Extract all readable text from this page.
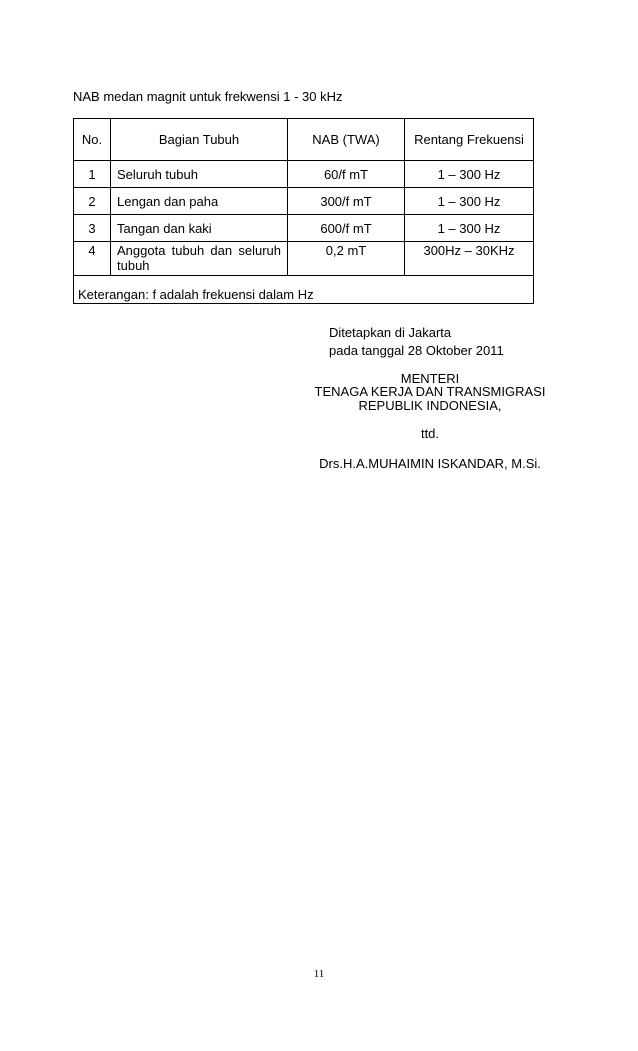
NAB medan magnit untuk frekwensi 1 - 30 kHz
No.	Bagian Tubuh	NAB (TWA)	Rentang Frekuensi
1	Seluruh tubuh	60/f mT	1 – 300 Hz
2	Lengan dan paha	300/f mT	1 – 300 Hz
3	Tangan dan kaki	600/f mT	1 – 300 Hz
4	Anggota tubuh dan seluruh tubuh	0,2 mT	300Hz – 30KHz
Keterangan: f adalah frekuensi dalam Hz			
Ditetapkan di Jakarta
pada tanggal 28 Oktober 2011
MENTERI
TENAGA KERJA DAN TRANSMIGRASI
REPUBLIK INDONESIA,
ttd.
Drs.H.A.MUHAIMIN ISKANDAR, M.Si.
11
